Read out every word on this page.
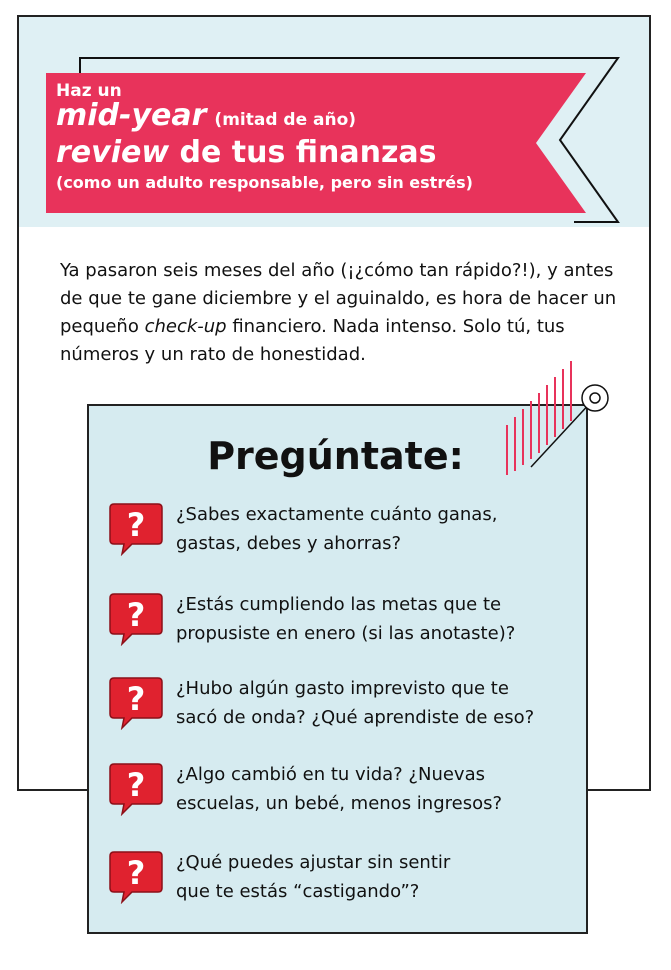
Haz un
mid-year (mitad de año)
review de tus finanzas
(como un adulto responsable, pero sin estrés)
Ya pasaron seis meses del año (¡¿cómo tan rápido?!), y antes de que te gane diciembre y el aguinaldo, es hora de hacer un pequeño check-up financiero. Nada intenso. Solo tú, tus números y un rato de honestidad.
Pregúntate:
? ¿Sabes exactamente cuánto ganas,
gastas, debes y ahorras?
? ¿Estás cumpliendo las metas que te
propusiste en enero (si las anotaste)?
? ¿Hubo algún gasto imprevisto que te
sacó de onda? ¿Qué aprendiste de eso?
? ¿Algo cambió en tu vida? ¿Nuevas
escuelas, un bebé, menos ingresos?
? ¿Qué puedes ajustar sin sentir
que te estás “castigando”?
